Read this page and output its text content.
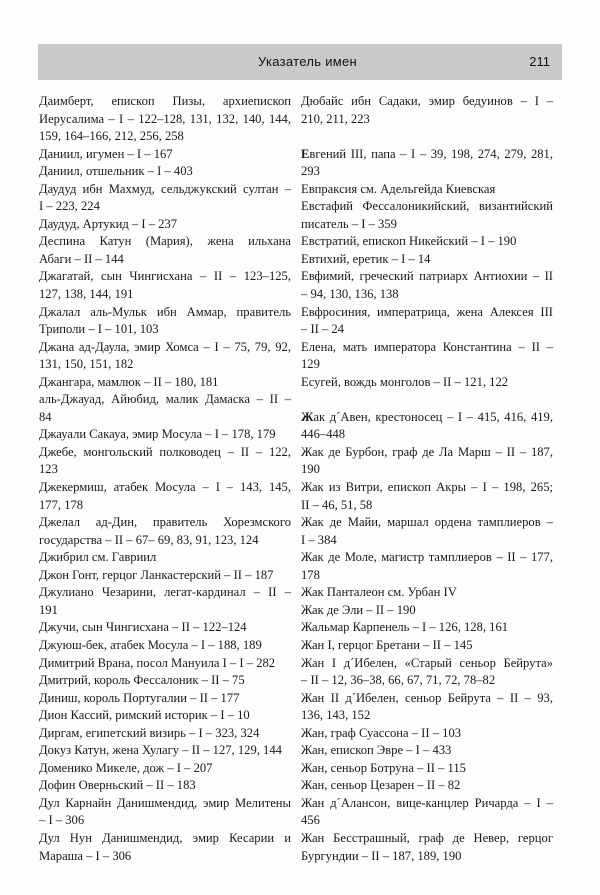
Указатель имен	211
Даимберт, епископ Пизы, архиепископ
Иерусалима – I – 122–128, 131, 132, 140, 144,
159, 164–166, 212, 256, 258
Даниил, игумен – I – 167
Даниил, отшельник – I – 403
Даудуд ибн Махмуд, сельджукский султан –
I – 223, 224
Даудуд, Артукид – I – 237
Деспина Катун (Мария), жена ильхана
Абаги – II – 144
Джагатай, сын Чингисхана – II – 123–125,
127, 138, 144, 191
Джалал аль-Мульк ибн Аммар, правитель
Триполи – I – 101, 103
Джана ад-Даула, эмир Хомса – I – 75, 79, 92,
131, 150, 151, 182
Джангара, мамлюк – II – 180, 181
аль-Джауад, Айюбид, малик Дамаска – II –
84
Джауали Сакауа, эмир Мосула – I – 178, 179
Джебе, монгольский полководец – II – 122,
123
Джекермиш, атабек Мосула – I – 143, 145,
177, 178
Джелал ад-Дин, правитель Хорезмского
государства – II – 67– 69, 83, 91, 123, 124
Джибрил см. Гавриил
Джон Гонт, герцог Ланкастерский – II – 187
Джулиано Чезарини, легат-кардинал – II –
191
Джучи, сын Чингисхана – II – 122–124
Джуюш-бек, атабек Мосула – I – 188, 189
Димитрий Врана, посол Мануила I – I – 282
Дмитрий, король Фессалоник – II – 75
Диниш, король Португалии – II – 177
Дион Кассий, римский историк – I – 10
Диргам, египетский визирь – I – 323, 324
Докуз Катун, жена Хулагу – II – 127, 129, 144
Доменико Микеле, дож – I – 207
Дофин Оверньский – II – 183
Дул Карнайн Данишмендид, эмир Мелитены
– I – 306
Дул Нун Данишмендид, эмир Кесарии и
Мараша – I – 306
Дюбайс ибн Садаки, эмир бедуинов – I –
210, 211, 223
Евгений III, папа – I – 39, 198, 274, 279, 281,
293
Евпраксия см. Адельгейда Киевская
Евстафий Фессалоникийский, византийский
писатель – I – 359
Евстратий, епископ Никейский – I – 190
Евтихий, еретик – I – 14
Евфимий, греческий патриарх Антиохии – II
– 94, 130, 136, 138
Евфросиния, императрица, жена Алексея III
– II – 24
Елена, мать императора Константина – II –
129
Есугей, вождь монголов – II – 121, 122
Жак д´Авен, крестоносец – I – 415, 416, 419,
446–448
Жак де Бурбон, граф де Ла Марш – II – 187,
190
Жак из Витри, епископ Акры – I – 198, 265;
II – 46, 51, 58
Жак де Майи, маршал ордена тамплиеров –
I – 384
Жак де Моле, магистр тамплиеров – II – 177,
178
Жак Панталеон см. Урбан IV
Жак де Эли – II – 190
Жальмар Карпенель – I – 126, 128, 161
Жан I, герцог Бретани – II – 145
Жан I д´Ибелен, «Старый сеньор Бейрута»
– II – 12, 36–38, 66, 67, 71, 72, 78–82
Жан II д´Ибелен, сеньор Бейрута – II – 93,
136, 143, 152
Жан, граф Суассона – II – 103
Жан, епископ Эвре – I – 433
Жан, сеньор Ботруна – II – 115
Жан, сеньор Цезарен – II – 82
Жан д´Алансон, вице-канцлер Ричарда – I –
456
Жан Бесстрашный, граф де Невер, герцог
Бургундии – II – 187, 189, 190
